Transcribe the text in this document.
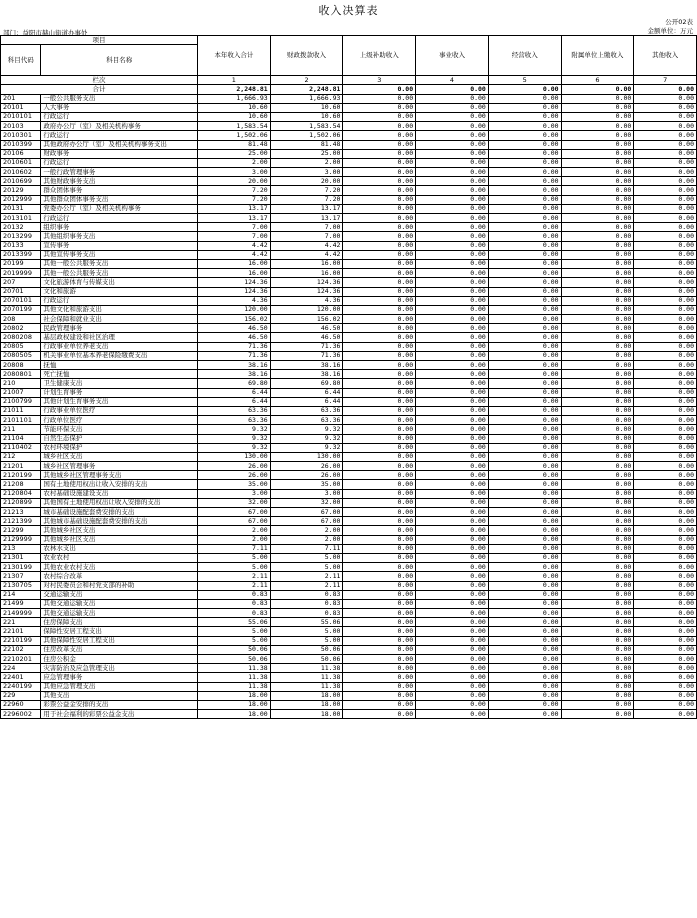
收入决算表
公开02表
金额单位：万元
部门：益阳市赫山街道办事处
项目		本年收入合计	财政拨款收入	上级补助收入	事业收入	经营收入	附属单位上缴收入	其他收入
科目代码	科目名称							

栏次		1	2	3	4	5	6	7
合计		2,248.81	2,248.81	0.00	0.00	0.00	0.00	0.00
201	一般公共服务支出	1,666.93	1,666.93	0.00	0.00	0.00	0.00	0.00
20101	人大事务	10.60	10.60	0.00	0.00	0.00	0.00	0.00
2010101	行政运行	10.60	10.60	0.00	0.00	0.00	0.00	0.00
20103	政府办公厅（室）及相关机构事务	1,583.54	1,583.54	0.00	0.00	0.00	0.00	0.00
2010301	行政运行	1,502.06	1,502.06	0.00	0.00	0.00	0.00	0.00
2010399	其他政府办公厅（室）及相关机构事务支出	81.48	81.48	0.00	0.00	0.00	0.00	0.00
20106	财政事务	25.00	25.00	0.00	0.00	0.00	0.00	0.00
2010601	行政运行	2.00	2.00	0.00	0.00	0.00	0.00	0.00
2010602	一般行政管理事务	3.00	3.00	0.00	0.00	0.00	0.00	0.00
2010699	其他财政事务支出	20.00	20.00	0.00	0.00	0.00	0.00	0.00
20129	群众团体事务	7.20	7.20	0.00	0.00	0.00	0.00	0.00
2012999	其他群众团体事务支出	7.20	7.20	0.00	0.00	0.00	0.00	0.00
20131	党委办公厅（室）及相关机构事务	13.17	13.17	0.00	0.00	0.00	0.00	0.00
2013101	行政运行	13.17	13.17	0.00	0.00	0.00	0.00	0.00
20132	组织事务	7.00	7.00	0.00	0.00	0.00	0.00	0.00
2013299	其他组织事务支出	7.00	7.00	0.00	0.00	0.00	0.00	0.00
20133	宣传事务	4.42	4.42	0.00	0.00	0.00	0.00	0.00
2013399	其他宣传事务支出	4.42	4.42	0.00	0.00	0.00	0.00	0.00
20199	其他一般公共服务支出	16.00	16.00	0.00	0.00	0.00	0.00	0.00
2019999	其他一般公共服务支出	16.00	16.00	0.00	0.00	0.00	0.00	0.00
207	文化旅游体育与传媒支出	124.36	124.36	0.00	0.00	0.00	0.00	0.00
20701	文化和旅游	124.36	124.36	0.00	0.00	0.00	0.00	0.00
2070101	行政运行	4.36	4.36	0.00	0.00	0.00	0.00	0.00
2070199	其他文化和旅游支出	120.00	120.00	0.00	0.00	0.00	0.00	0.00
208	社会保障和就业支出	156.02	156.02	0.00	0.00	0.00	0.00	0.00
20802	民政管理事务	46.50	46.50	0.00	0.00	0.00	0.00	0.00
2080208	基层政权建设和社区治理	46.50	46.50	0.00	0.00	0.00	0.00	0.00
20805	行政事业单位养老支出	71.36	71.36	0.00	0.00	0.00	0.00	0.00
2080505	机关事业单位基本养老保险缴费支出	71.36	71.36	0.00	0.00	0.00	0.00	0.00
20808	抚恤	38.16	38.16	0.00	0.00	0.00	0.00	0.00
2080801	死亡抚恤	38.16	38.16	0.00	0.00	0.00	0.00	0.00
210	卫生健康支出	69.80	69.80	0.00	0.00	0.00	0.00	0.00
21007	计划生育事务	6.44	6.44	0.00	0.00	0.00	0.00	0.00
2100799	其他计划生育事务支出	6.44	6.44	0.00	0.00	0.00	0.00	0.00
21011	行政事业单位医疗	63.36	63.36	0.00	0.00	0.00	0.00	0.00
2101101	行政单位医疗	63.36	63.36	0.00	0.00	0.00	0.00	0.00
211	节能环保支出	9.32	9.32	0.00	0.00	0.00	0.00	0.00
21104	自然生态保护	9.32	9.32	0.00	0.00	0.00	0.00	0.00
2110402	农村环境保护	9.32	9.32	0.00	0.00	0.00	0.00	0.00
212	城乡社区支出	130.00	130.00	0.00	0.00	0.00	0.00	0.00
21201	城乡社区管理事务	26.00	26.00	0.00	0.00	0.00	0.00	0.00
2120199	其他城乡社区管理事务支出	26.00	26.00	0.00	0.00	0.00	0.00	0.00
21208	国有土地使用权出让收入安排的支出	35.00	35.00	0.00	0.00	0.00	0.00	0.00
2120804	农村基础设施建设支出	3.00	3.00	0.00	0.00	0.00	0.00	0.00
2120899	其他国有土地使用权出让收入安排的支出	32.00	32.00	0.00	0.00	0.00	0.00	0.00
21213	城市基础设施配套费安排的支出	67.00	67.00	0.00	0.00	0.00	0.00	0.00
2121399	其他城市基础设施配套费安排的支出	67.00	67.00	0.00	0.00	0.00	0.00	0.00
21299	其他城乡社区支出	2.00	2.00	0.00	0.00	0.00	0.00	0.00
2129999	其他城乡社区支出	2.00	2.00	0.00	0.00	0.00	0.00	0.00
213	农林水支出	7.11	7.11	0.00	0.00	0.00	0.00	0.00
21301	农业农村	5.00	5.00	0.00	0.00	0.00	0.00	0.00
2130199	其他农业农村支出	5.00	5.00	0.00	0.00	0.00	0.00	0.00
21307	农村综合改革	2.11	2.11	0.00	0.00	0.00	0.00	0.00
2130705	对村民委员会和村党支部的补助	2.11	2.11	0.00	0.00	0.00	0.00	0.00
214	交通运输支出	0.83	0.83	0.00	0.00	0.00	0.00	0.00
21499	其他交通运输支出	0.83	0.83	0.00	0.00	0.00	0.00	0.00
2149999	其他交通运输支出	0.83	0.83	0.00	0.00	0.00	0.00	0.00
221	住房保障支出	55.06	55.06	0.00	0.00	0.00	0.00	0.00
22101	保障性安居工程支出	5.00	5.00	0.00	0.00	0.00	0.00	0.00
2210199	其他保障性安居工程支出	5.00	5.00	0.00	0.00	0.00	0.00	0.00
22102	住房改革支出	50.06	50.06	0.00	0.00	0.00	0.00	0.00
2210201	住房公积金	50.06	50.06	0.00	0.00	0.00	0.00	0.00
224	灾害防治及应急管理支出	11.38	11.38	0.00	0.00	0.00	0.00	0.00
22401	应急管理事务	11.38	11.38	0.00	0.00	0.00	0.00	0.00
2240199	其他应急管理支出	11.38	11.38	0.00	0.00	0.00	0.00	0.00
229	其他支出	18.00	18.00	0.00	0.00	0.00	0.00	0.00
22960	彩票公益金安排的支出	18.00	18.00	0.00	0.00	0.00	0.00	0.00
2296002	用于社会福利的彩票公益金支出	18.00	18.00	0.00	0.00	0.00	0.00	0.00
